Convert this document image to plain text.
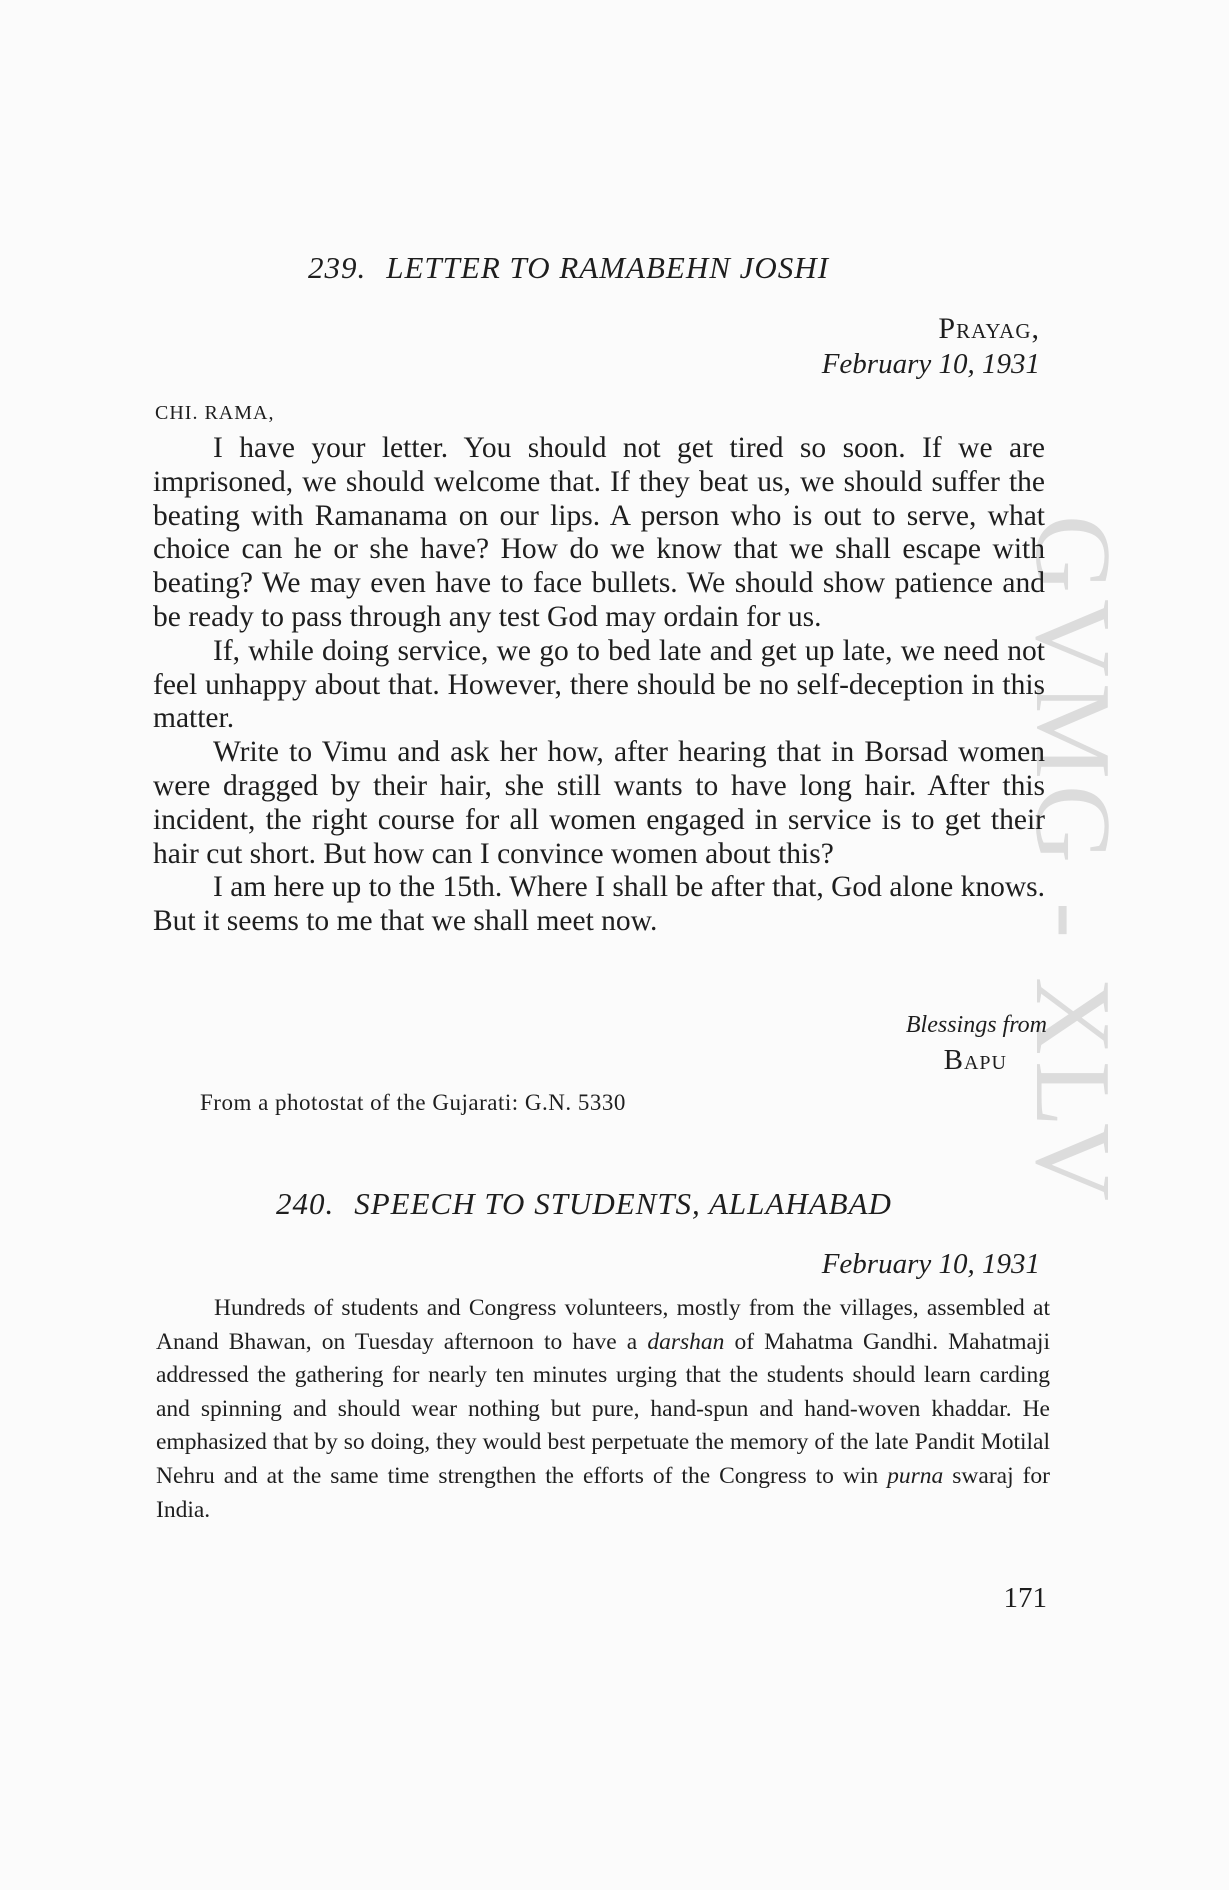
GVMG - XLV
239. LETTER TO RAMABEHN JOSHI
Prayag,
February 10, 1931
CHI. RAMA,

I have your letter. You should not get tired so soon. If we are imprisoned, we should welcome that. If they beat us, we should suffer the beating with Ramanama on our lips. A person who is out to serve, what choice can he or she have? How do we know that we shall escape with beating? We may even have to face bullets. We should show patience and be ready to pass through any test God may ordain for us.

If, while doing service, we go to bed late and get up late, we need not feel unhappy about that. However, there should be no self-deception in this matter.

Write to Vimu and ask her how, after hearing that in Borsad women were dragged by their hair, she still wants to have long hair. After this incident, the right course for all women engaged in service is to get their hair cut short. But how can I convince women about this?

I am here up to the 15th. Where I shall be after that, God alone knows. But it seems to me that we shall meet now.

Blessings from
Bapu
From a photostat of the Gujarati: G.N. 5330
240. SPEECH TO STUDENTS, ALLAHABAD
February 10, 1931

Hundreds of students and Congress volunteers, mostly from the villages, assembled at Anand Bhawan, on Tuesday afternoon to have a darshan of Mahatma Gandhi. Mahatmaji addressed the gathering for nearly ten minutes urging that the students should learn carding and spinning and should wear nothing but pure, hand-spun and hand-woven khaddar. He emphasized that by so doing, they would best perpetuate the memory of the late Pandit Motilal Nehru and at the same time strengthen the efforts of the Congress to win purna swaraj for India.

171
